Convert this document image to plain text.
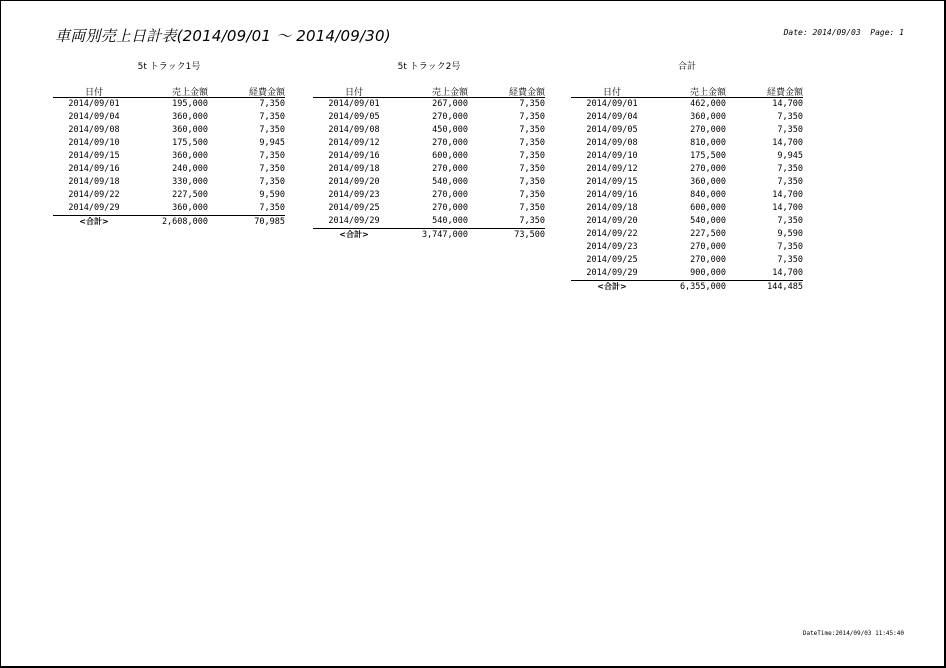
車両別売上日計表(2014/09/01 ～ 2014/09/30)	Date: 2014/09/03  Page: 1
5t トラック1号
日付	売上金額	経費金額
2014/09/01	195,000	7,350
2014/09/04	360,000	7,350
2014/09/08	360,000	7,350
2014/09/10	175,500	9,945
2014/09/15	360,000	7,350
2014/09/16	240,000	7,350
2014/09/18	330,000	7,350
2014/09/22	227,500	9,590
2014/09/29	360,000	7,350
<合計>	2,608,000	70,985
5t トラック2号
日付	売上金額	経費金額
2014/09/01	267,000	7,350
2014/09/05	270,000	7,350
2014/09/08	450,000	7,350
2014/09/12	270,000	7,350
2014/09/16	600,000	7,350
2014/09/18	270,000	7,350
2014/09/20	540,000	7,350
2014/09/23	270,000	7,350
2014/09/25	270,000	7,350
2014/09/29	540,000	7,350
<合計>	3,747,000	73,500
合計
日付	売上金額	経費金額
2014/09/01	462,000	14,700
2014/09/04	360,000	7,350
2014/09/05	270,000	7,350
2014/09/08	810,000	14,700
2014/09/10	175,500	9,945
2014/09/12	270,000	7,350
2014/09/15	360,000	7,350
2014/09/16	840,000	14,700
2014/09/18	600,000	14,700
2014/09/20	540,000	7,350
2014/09/22	227,500	9,590
2014/09/23	270,000	7,350
2014/09/25	270,000	7,350
2014/09/29	900,000	14,700
<合計>	6,355,000	144,485
DateTime:2014/09/03 11:45:40
